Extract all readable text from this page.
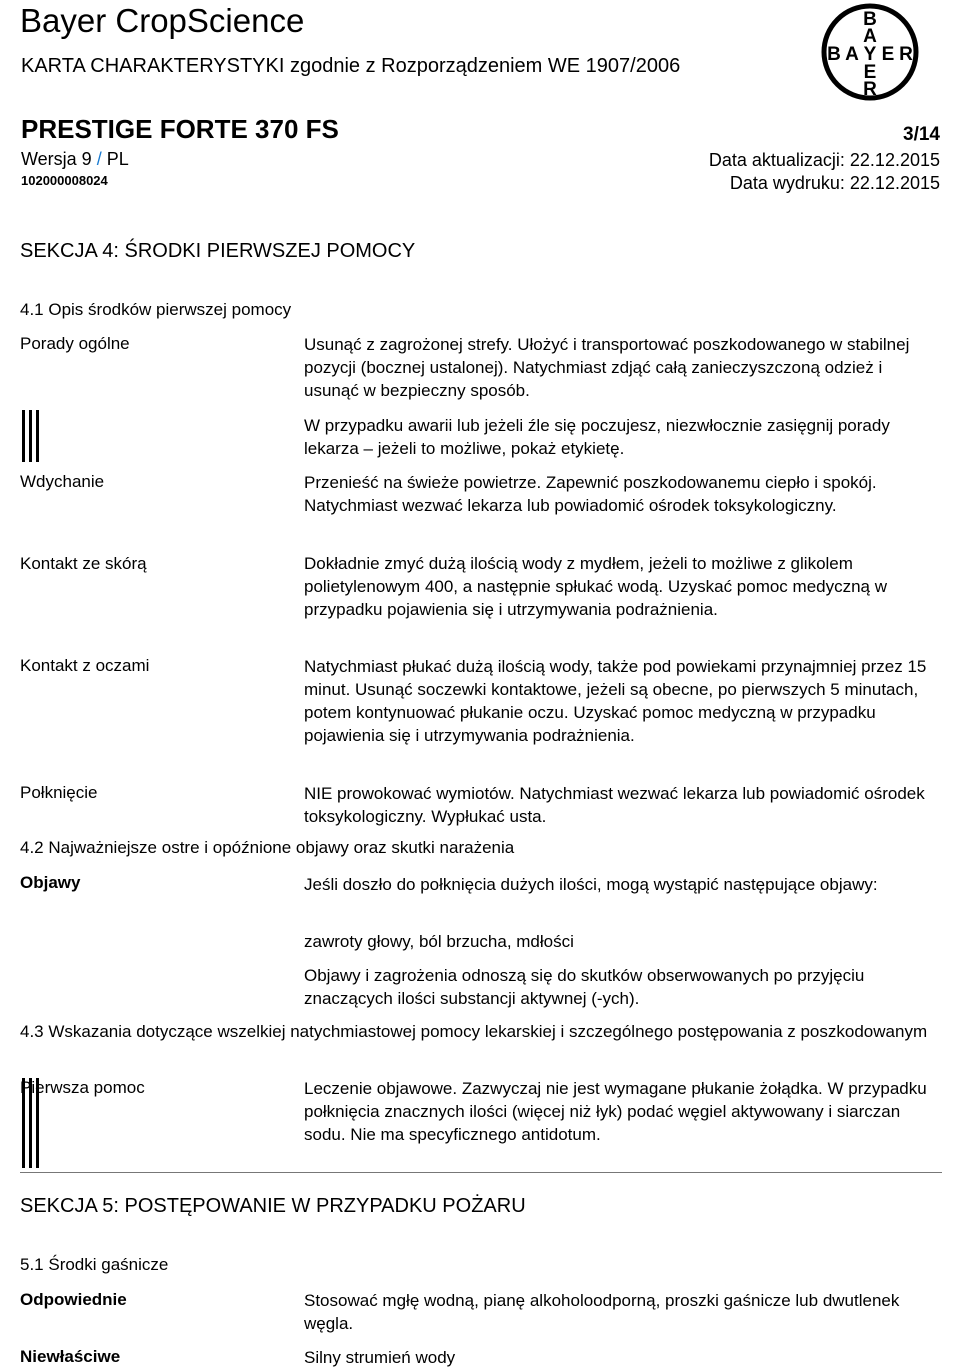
Bayer CropScience
KARTA CHARAKTERYSTYKI zgodnie z Rozporządzeniem WE 1907/2006
PRESTIGE FORTE 370 FS	3/14
Wersja 9 / PL
102000008024
Data aktualizacji: 22.12.2015
Data wydruku: 22.12.2015
B
A
B A Y E R
E
R
SEKCJA 4: ŚRODKI PIERWSZEJ POMOCY
4.1 Opis środków pierwszej pomocy
Porady ogólne	Usunąć z zagrożonej strefy. Ułożyć i transportować poszkodowanego w stabilnej pozycji (bocznej ustalonej). Natychmiast zdjąć całą zanieczyszczoną odzież i usunąć w bezpieczny sposób.
W przypadku awarii lub jeżeli źle się poczujesz, niezwłocznie zasięgnij porady lekarza – jeżeli to możliwe, pokaż etykietę.
Wdychanie	Przenieść na świeże powietrze. Zapewnić poszkodowanemu ciepło i spokój. Natychmiast wezwać lekarza lub powiadomić ośrodek toksykologiczny.
Kontakt ze skórą	Dokładnie zmyć dużą ilością wody z mydłem, jeżeli to możliwe z glikolem polietylenowym 400, a następnie spłukać wodą. Uzyskać pomoc medyczną w przypadku pojawienia się i utrzymywania podrażnienia.
Kontakt z oczami	Natychmiast płukać dużą ilością wody, także pod powiekami przynajmniej przez 15 minut. Usunąć soczewki kontaktowe, jeżeli są obecne, po pierwszych 5 minutach, potem kontynuować płukanie oczu. Uzyskać pomoc medyczną w przypadku pojawienia się i utrzymywania podrażnienia.
Połknięcie	NIE prowokować wymiotów. Natychmiast wezwać lekarza lub powiadomić ośrodek toksykologiczny. Wypłukać usta.
4.2 Najważniejsze ostre i opóźnione objawy oraz skutki narażenia
Objawy	Jeśli doszło do połknięcia dużych ilości, mogą wystąpić następujące objawy:
zawroty głowy, ból brzucha, mdłości
Objawy i zagrożenia odnoszą się do skutków obserwowanych po przyjęciu znaczących ilości substancji aktywnej (-ych).
4.3 Wskazania dotyczące wszelkiej natychmiastowej pomocy lekarskiej i szczególnego postępowania z poszkodowanym
Pierwsza pomoc	Leczenie objawowe. Zazwyczaj nie jest wymagane płukanie żołądka. W przypadku połknięcia znacznych ilości (więcej niż łyk) podać węgiel aktywowany i siarczan sodu. Nie ma specyficznego antidotum.
SEKCJA 5: POSTĘPOWANIE W PRZYPADKU POŻARU
5.1 Środki gaśnicze
Odpowiednie	Stosować mgłę wodną, pianę alkoholoodporną, proszki gaśnicze lub dwutlenek węgla.
Niewłaściwe	Silny strumień wody
